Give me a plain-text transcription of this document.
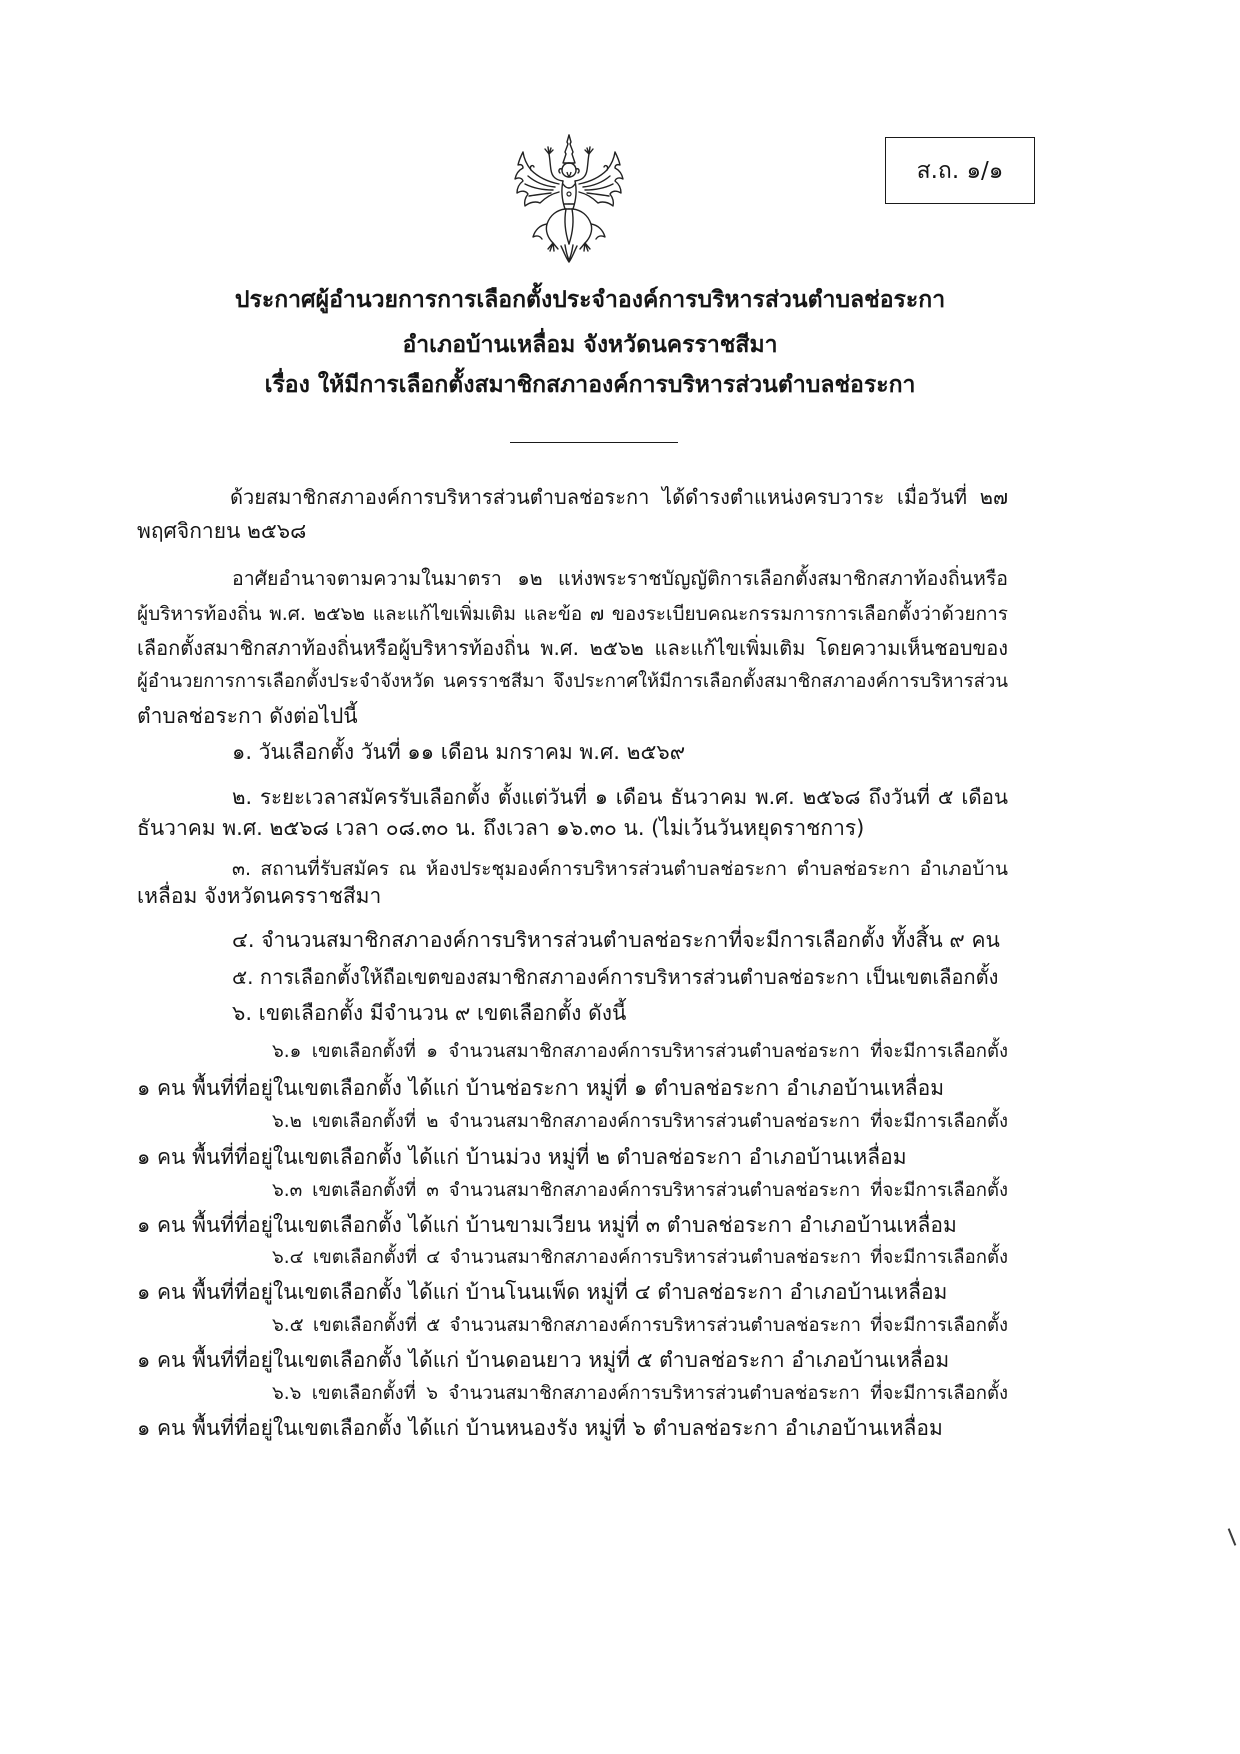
ส.ถ. ๑/๑
ประกาศผู้อำนวยการการเลือกตั้งประจำองค์การบริหารส่วนตำบลช่อระกา
อำเภอบ้านเหลื่อม จังหวัดนครราชสีมา
เรื่อง ให้มีการเลือกตั้งสมาชิกสภาองค์การบริหารส่วนตำบลช่อระกา
ด้วยสมาชิกสภาองค์การบริหารส่วนตำบลช่อระกา ได้ดำรงตำแหน่งครบวาระ เมื่อวันที่ ๒๗
พฤศจิกายน ๒๕๖๘
อาศัยอำนาจตามความในมาตรา ๑๒ แห่งพระราชบัญญัติการเลือกตั้งสมาชิกสภาท้องถิ่นหรือ
ผู้บริหารท้องถิ่น พ.ศ. ๒๕๖๒ และแก้ไขเพิ่มเติม และข้อ ๗ ของระเบียบคณะกรรมการการเลือกตั้งว่าด้วยการ
เลือกตั้งสมาชิกสภาท้องถิ่นหรือผู้บริหารท้องถิ่น พ.ศ. ๒๕๖๒ และแก้ไขเพิ่มเติม โดยความเห็นชอบของ
ผู้อำนวยการการเลือกตั้งประจำจังหวัด นครราชสีมา จึงประกาศให้มีการเลือกตั้งสมาชิกสภาองค์การบริหารส่วน
ตำบลช่อระกา ดังต่อไปนี้
๑. วันเลือกตั้ง วันที่ ๑๑ เดือน มกราคม พ.ศ. ๒๕๖๙
๒. ระยะเวลาสมัครรับเลือกตั้ง ตั้งแต่วันที่ ๑ เดือน ธันวาคม พ.ศ. ๒๕๖๘ ถึงวันที่ ๕ เดือน
ธันวาคม พ.ศ. ๒๕๖๘ เวลา ๐๘.๓๐ น. ถึงเวลา ๑๖.๓๐ น. (ไม่เว้นวันหยุดราชการ)
๓. สถานที่รับสมัคร ณ ห้องประชุมองค์การบริหารส่วนตำบลช่อระกา ตำบลช่อระกา อำเภอบ้าน
เหลื่อม จังหวัดนครราชสีมา
๔. จำนวนสมาชิกสภาองค์การบริหารส่วนตำบลช่อระกาที่จะมีการเลือกตั้ง ทั้งสิ้น ๙ คน
๕. การเลือกตั้งให้ถือเขตของสมาชิกสภาองค์การบริหารส่วนตำบลช่อระกา เป็นเขตเลือกตั้ง
๖. เขตเลือกตั้ง มีจำนวน ๙ เขตเลือกตั้ง ดังนี้
๖.๑ เขตเลือกตั้งที่ ๑ จำนวนสมาชิกสภาองค์การบริหารส่วนตำบลช่อระกา ที่จะมีการเลือกตั้ง
๑ คน พื้นที่ที่อยู่ในเขตเลือกตั้ง ได้แก่ บ้านช่อระกา หมู่ที่ ๑ ตำบลช่อระกา อำเภอบ้านเหลื่อม
๖.๒ เขตเลือกตั้งที่ ๒ จำนวนสมาชิกสภาองค์การบริหารส่วนตำบลช่อระกา ที่จะมีการเลือกตั้ง
๑ คน พื้นที่ที่อยู่ในเขตเลือกตั้ง ได้แก่ บ้านม่วง หมู่ที่ ๒ ตำบลช่อระกา อำเภอบ้านเหลื่อม
๖.๓ เขตเลือกตั้งที่ ๓ จำนวนสมาชิกสภาองค์การบริหารส่วนตำบลช่อระกา ที่จะมีการเลือกตั้ง
๑ คน พื้นที่ที่อยู่ในเขตเลือกตั้ง ได้แก่ บ้านขามเวียน หมู่ที่ ๓ ตำบลช่อระกา อำเภอบ้านเหลื่อม
๖.๔ เขตเลือกตั้งที่ ๔ จำนวนสมาชิกสภาองค์การบริหารส่วนตำบลช่อระกา ที่จะมีการเลือกตั้ง
๑ คน พื้นที่ที่อยู่ในเขตเลือกตั้ง ได้แก่ บ้านโนนเพ็ด หมู่ที่ ๔ ตำบลช่อระกา อำเภอบ้านเหลื่อม
๖.๕ เขตเลือกตั้งที่ ๕ จำนวนสมาชิกสภาองค์การบริหารส่วนตำบลช่อระกา ที่จะมีการเลือกตั้ง
๑ คน พื้นที่ที่อยู่ในเขตเลือกตั้ง ได้แก่ บ้านดอนยาว หมู่ที่ ๕ ตำบลช่อระกา อำเภอบ้านเหลื่อม
๖.๖ เขตเลือกตั้งที่ ๖ จำนวนสมาชิกสภาองค์การบริหารส่วนตำบลช่อระกา ที่จะมีการเลือกตั้ง
๑ คน พื้นที่ที่อยู่ในเขตเลือกตั้ง ได้แก่ บ้านหนองรัง หมู่ที่ ๖ ตำบลช่อระกา อำเภอบ้านเหลื่อม
